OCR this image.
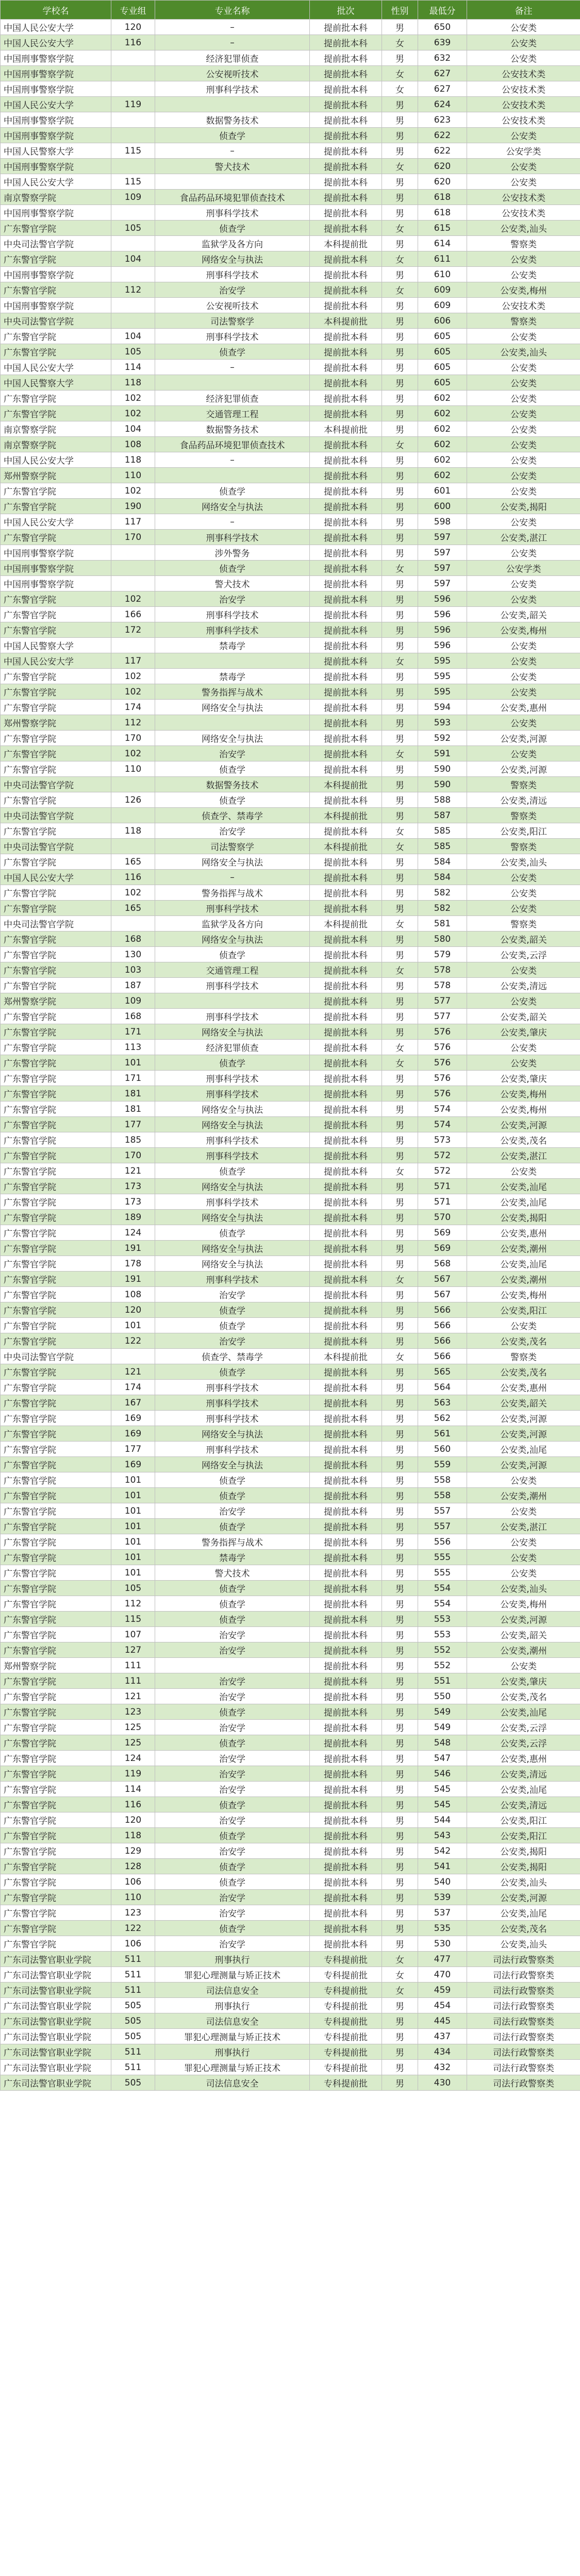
学校名	专业组	专业名称	批次	性别	最低分	备注
中国人民公安大学	120	–	提前批本科	男	650	公安类
中国人民公安大学	116	–	提前批本科	女	639	公安类
中国刑事警察学院		经济犯罪侦查	提前批本科	男	632	公安类
中国刑事警察学院		公安视听技术	提前批本科	女	627	公安技术类
中国刑事警察学院		刑事科学技术	提前批本科	女	627	公安技术类
中国人民公安大学	119		提前批本科	男	624	公安技术类
中国刑事警察学院		数据警务技术	提前批本科	男	623	公安技术类
中国刑事警察学院		侦查学	提前批本科	男	622	公安类
中国人民警察大学	115	–	提前批本科	男	622	公安学类
中国刑事警察学院		警犬技术	提前批本科	女	620	公安类
中国人民公安大学	115		提前批本科	男	620	公安类
南京警察学院	109	食品药品环境犯罪侦查技术	提前批本科	男	618	公安技术类
中国刑事警察学院		刑事科学技术	提前批本科	男	618	公安技术类
广东警官学院	105	侦查学	提前批本科	女	615	公安类,汕头
中央司法警官学院		监狱学及各方向	本科提前批	男	614	警察类
广东警官学院	104	网络安全与执法	提前批本科	女	611	公安类
中国刑事警察学院		刑事科学技术	提前批本科	男	610	公安类
广东警官学院	112	治安学	提前批本科	女	609	公安类,梅州
中国刑事警察学院		公安视听技术	提前批本科	男	609	公安技术类
中央司法警官学院		司法警察学	本科提前批	男	606	警察类
广东警官学院	104	刑事科学技术	提前批本科	男	605	公安类
广东警官学院	105	侦查学	提前批本科	男	605	公安类,汕头
中国人民公安大学	114	–	提前批本科	男	605	公安类
中国人民警察大学	118		提前批本科	男	605	公安类
广东警官学院	102	经济犯罪侦查	提前批本科	男	602	公安类
广东警官学院	102	交通管理工程	提前批本科	男	602	公安类
南京警察学院	104	数据警务技术	本科提前批	男	602	公安类
南京警察学院	108	食品药品环境犯罪侦查技术	提前批本科	女	602	公安类
中国人民公安大学	118	–	提前批本科	男	602	公安类
郑州警察学院	110		提前批本科	男	602	公安类
广东警官学院	102	侦查学	提前批本科	男	601	公安类
广东警官学院	190	网络安全与执法	提前批本科	男	600	公安类,揭阳
中国人民公安大学	117	–	提前批本科	男	598	公安类
广东警官学院	170	刑事科学技术	提前批本科	男	597	公安类,湛江
中国刑事警察学院		涉外警务	提前批本科	男	597	公安类
中国刑事警察学院		侦查学	提前批本科	女	597	公安学类
中国刑事警察学院		警犬技术	提前批本科	男	597	公安类
广东警官学院	102	治安学	提前批本科	男	596	公安类
广东警官学院	166	刑事科学技术	提前批本科	男	596	公安类,韶关
广东警官学院	172	刑事科学技术	提前批本科	男	596	公安类,梅州
中国人民警察大学		禁毒学	提前批本科	男	596	公安类
中国人民公安大学	117		提前批本科	女	595	公安类
广东警官学院	102	禁毒学	提前批本科	男	595	公安类
广东警官学院	102	警务指挥与战术	提前批本科	男	595	公安类
广东警官学院	174	网络安全与执法	提前批本科	男	594	公安类,惠州
郑州警察学院	112		提前批本科	男	593	公安类
广东警官学院	170	网络安全与执法	提前批本科	男	592	公安类,河源
广东警官学院	102	治安学	提前批本科	女	591	公安类
广东警官学院	110	侦查学	提前批本科	男	590	公安类,河源
中央司法警官学院		数据警务技术	本科提前批	男	590	警察类
广东警官学院	126	侦查学	提前批本科	男	588	公安类,清远
中央司法警官学院		侦查学、禁毒学	本科提前批	男	587	警察类
广东警官学院	118	治安学	提前批本科	女	585	公安类,阳江
中央司法警官学院		司法警察学	本科提前批	女	585	警察类
广东警官学院	165	网络安全与执法	提前批本科	男	584	公安类,汕头
中国人民公安大学	116	–	提前批本科	男	584	公安类
广东警官学院	102	警务指挥与战术	提前批本科	男	582	公安类
广东警官学院	165	刑事科学技术	提前批本科	男	582	公安类
中央司法警官学院		监狱学及各方向	本科提前批	女	581	警察类
广东警官学院	168	网络安全与执法	提前批本科	男	580	公安类,韶关
广东警官学院	130	侦查学	提前批本科	男	579	公安类,云浮
广东警官学院	103	交通管理工程	提前批本科	女	578	公安类
广东警官学院	187	刑事科学技术	提前批本科	男	578	公安类,清远
郑州警察学院	109		提前批本科	男	577	公安类
广东警官学院	168	刑事科学技术	提前批本科	男	577	公安类,韶关
广东警官学院	171	网络安全与执法	提前批本科	男	576	公安类,肇庆
广东警官学院	113	经济犯罪侦查	提前批本科	女	576	公安类
广东警官学院	101	侦查学	提前批本科	女	576	公安类
广东警官学院	171	刑事科学技术	提前批本科	男	576	公安类,肇庆
广东警官学院	181	刑事科学技术	提前批本科	男	576	公安类,梅州
广东警官学院	181	网络安全与执法	提前批本科	男	574	公安类,梅州
广东警官学院	177	网络安全与执法	提前批本科	男	574	公安类,河源
广东警官学院	185	刑事科学技术	提前批本科	男	573	公安类,茂名
广东警官学院	170	刑事科学技术	提前批本科	男	572	公安类,湛江
广东警官学院	121	侦查学	提前批本科	女	572	公安类
广东警官学院	173	网络安全与执法	提前批本科	男	571	公安类,汕尾
广东警官学院	173	刑事科学技术	提前批本科	男	571	公安类,汕尾
广东警官学院	189	网络安全与执法	提前批本科	男	570	公安类,揭阳
广东警官学院	124	侦查学	提前批本科	男	569	公安类,惠州
广东警官学院	191	网络安全与执法	提前批本科	男	569	公安类,潮州
广东警官学院	178	网络安全与执法	提前批本科	男	568	公安类,汕尾
广东警官学院	191	刑事科学技术	提前批本科	女	567	公安类,潮州
广东警官学院	108	治安学	提前批本科	男	567	公安类,梅州
广东警官学院	120	侦查学	提前批本科	男	566	公安类,阳江
广东警官学院	101	侦查学	提前批本科	男	566	公安类
广东警官学院	122	治安学	提前批本科	男	566	公安类,茂名
中央司法警官学院		侦查学、禁毒学	本科提前批	女	566	警察类
广东警官学院	121	侦查学	提前批本科	男	565	公安类,茂名
广东警官学院	174	刑事科学技术	提前批本科	男	564	公安类,惠州
广东警官学院	167	刑事科学技术	提前批本科	男	563	公安类,韶关
广东警官学院	169	刑事科学技术	提前批本科	男	562	公安类,河源
广东警官学院	169	网络安全与执法	提前批本科	男	561	公安类,河源
广东警官学院	177	刑事科学技术	提前批本科	男	560	公安类,汕尾
广东警官学院	169	网络安全与执法	提前批本科	男	559	公安类,河源
广东警官学院	101	侦查学	提前批本科	男	558	公安类
广东警官学院	101	侦查学	提前批本科	男	558	公安类,潮州
广东警官学院	101	治安学	提前批本科	男	557	公安类
广东警官学院	101	侦查学	提前批本科	男	557	公安类,湛江
广东警官学院	101	警务指挥与战术	提前批本科	男	556	公安类
广东警官学院	101	禁毒学	提前批本科	男	555	公安类
广东警官学院	101	警犬技术	提前批本科	男	555	公安类
广东警官学院	105	侦查学	提前批本科	男	554	公安类,汕头
广东警官学院	112	侦查学	提前批本科	男	554	公安类,梅州
广东警官学院	115	侦查学	提前批本科	男	553	公安类,河源
广东警官学院	107	治安学	提前批本科	男	553	公安类,韶关
广东警官学院	127	治安学	提前批本科	男	552	公安类,潮州
郑州警察学院	111		提前批本科	男	552	公安类
广东警官学院	111	治安学	提前批本科	男	551	公安类,肇庆
广东警官学院	121	治安学	提前批本科	男	550	公安类,茂名
广东警官学院	123	侦查学	提前批本科	男	549	公安类,汕尾
广东警官学院	125	治安学	提前批本科	男	549	公安类,云浮
广东警官学院	125	侦查学	提前批本科	男	548	公安类,云浮
广东警官学院	124	治安学	提前批本科	男	547	公安类,惠州
广东警官学院	119	治安学	提前批本科	男	546	公安类,清远
广东警官学院	114	治安学	提前批本科	男	545	公安类,汕尾
广东警官学院	116	侦查学	提前批本科	男	545	公安类,清远
广东警官学院	120	治安学	提前批本科	男	544	公安类,阳江
广东警官学院	118	侦查学	提前批本科	男	543	公安类,阳江
广东警官学院	129	治安学	提前批本科	男	542	公安类,揭阳
广东警官学院	128	侦查学	提前批本科	男	541	公安类,揭阳
广东警官学院	106	侦查学	提前批本科	男	540	公安类,汕头
广东警官学院	110	治安学	提前批本科	男	539	公安类,河源
广东警官学院	123	治安学	提前批本科	男	537	公安类,汕尾
广东警官学院	122	侦查学	提前批本科	男	535	公安类,茂名
广东警官学院	106	治安学	提前批本科	男	530	公安类,汕头
广东司法警官职业学院	511	刑事执行	专科提前批	女	477	司法行政警察类
广东司法警官职业学院	511	罪犯心理测量与矫正技术	专科提前批	女	470	司法行政警察类
广东司法警官职业学院	511	司法信息安全	专科提前批	女	459	司法行政警察类
广东司法警官职业学院	505	刑事执行	专科提前批	男	454	司法行政警察类
广东司法警官职业学院	505	司法信息安全	专科提前批	男	445	司法行政警察类
广东司法警官职业学院	505	罪犯心理测量与矫正技术	专科提前批	男	437	司法行政警察类
广东司法警官职业学院	511	刑事执行	专科提前批	男	434	司法行政警察类
广东司法警官职业学院	511	罪犯心理测量与矫正技术	专科提前批	男	432	司法行政警察类
广东司法警官职业学院	505	司法信息安全	专科提前批	男	430	司法行政警察类
